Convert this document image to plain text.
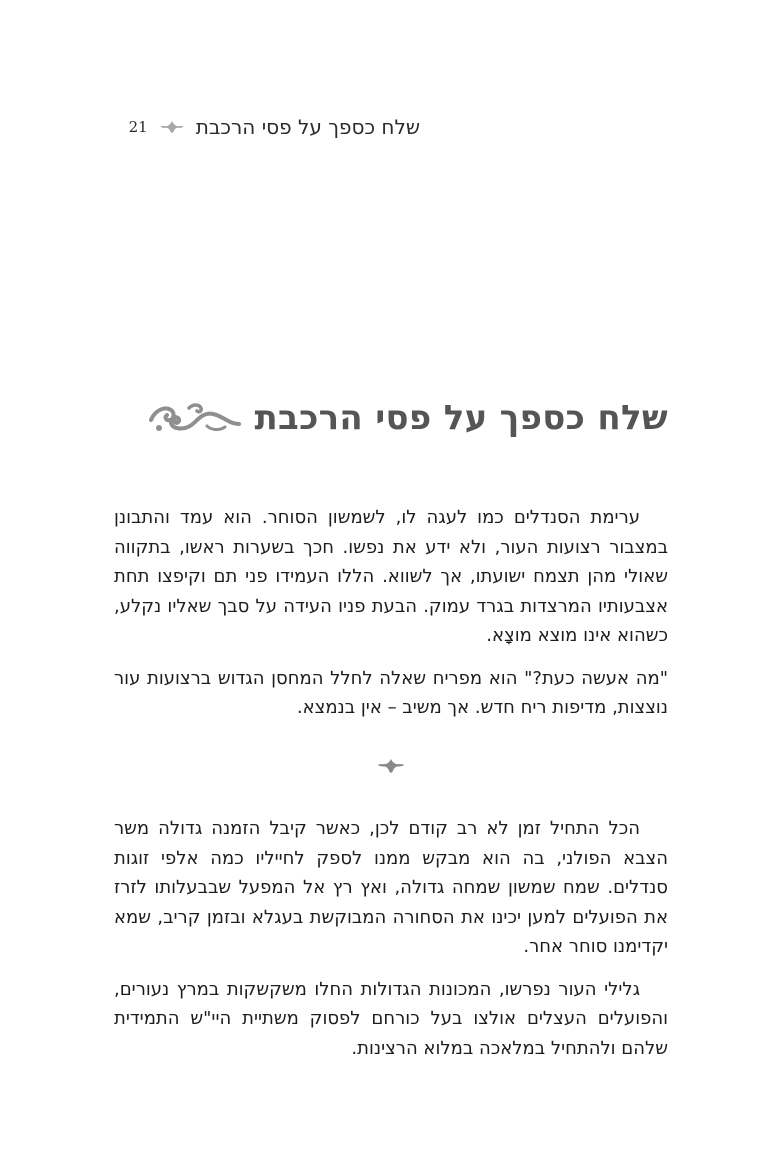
שלח כספך על פסי הרכבת
21
שלח כספך על פסי הרכבת

ערימת הסנדלים כמו לעגה לו, לשמשון הסוחר. הוא עמד והתבונן במצבור רצועות העור, ולא ידע את נפשו. חכך בשערות ראשו, בתקווה שאולי מהן תצמח ישועתו, אך לשווא. הללו העמידו פני תם וקיפצו תחת אצבעותיו המרצדות בגרד עמוק. הבעת פניו העידה על סבך שאליו נקלע, כשהוא אינו מוצא מוצָא.

"מה אעשה כעת?" הוא מפריח שאלה לחלל המחסן הגדוש ברצועות עור נוצצות, מדיפות ריח חדש. אך משיב – אין בנמצא.

הכל התחיל זמן לא רב קודם לכן, כאשר קיבל הזמנה גדולה משר הצבא הפולני, בה הוא מבקש ממנו לספק לחייליו כמה אלפי זוגות סנדלים. שמח שמשון שמחה גדולה, ואץ רץ אל המפעל שבבעלותו לזרז את הפועלים למען יכינו את הסחורה המבוקשת בעגלא ובזמן קריב, שמא יקדימנו סוחר אחר.

גלילי העור נפרשו, המכונות הגדולות החלו משקשקות במרץ נעורים, והפועלים העצלים אולצו בעל כורחם לפסוק משתיית היי"ש התמידית שלהם ולהתחיל במלאכה במלוא הרצינות.
